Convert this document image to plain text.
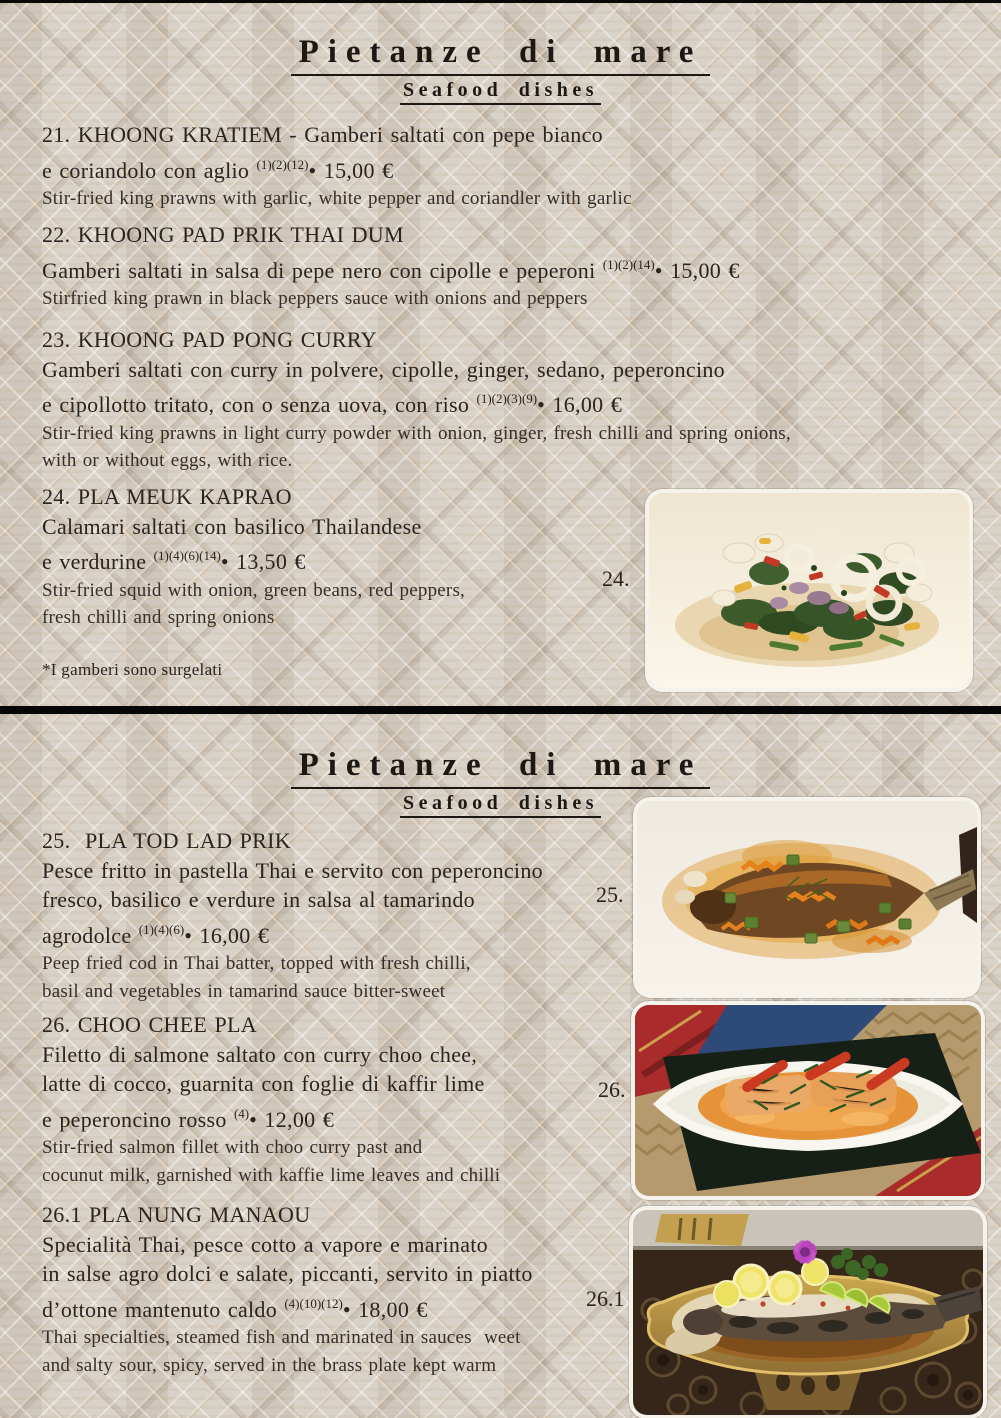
Pietanze di mare
Seafood dishes
21. KHOONG KRATIEM - Gamberi saltati con pepe bianco
e coriandolo con aglio $^{(1)(2)(12)}$• 15,00 €
Stir-fried king prawns with garlic, white pepper and coriandler with garlic
22. KHOONG PAD PRIK THAI DUM
Gamberi saltati in salsa di pepe nero con cipolle e peperoni $^{(1)(2)(14)}$• 15,00 €
Stirfried king prawn in black peppers sauce with onions and peppers
23. KHOONG PAD PONG CURRY
Gamberi saltati con curry in polvere, cipolle, ginger, sedano, peperoncino
e cipollotto tritato, con o senza uova, con riso $^{(1)(2)(3)(9)}$• 16,00 €
Stir-fried king prawns in light curry powder with onion, ginger, fresh chilli and spring onions,
with or without eggs, with rice.
24. PLA MEUK KAPRAO
Calamari saltati con basilico Thailandese
e verdurine $^{(1)(4)(6)(14)}$• 13,50 €
Stir-fried squid with onion, green beans, red peppers,
fresh chilli and spring onions
24.
*I gamberi sono surgelati
Pietanze di mare
Seafood dishes
25.  PLA TOD LAD PRIK
Pesce fritto in pastella Thai e servito con peperoncino
fresco, basilico e verdure in salsa al tamarindo
agrodolce $^{(1)(4)(6)}$• 16,00 €
Peep fried cod in Thai batter, topped with fresh chilli,
basil and vegetables in tamarind sauce bitter-sweet
25.
26. CHOO CHEE PLA
Filetto di salmone saltato con curry choo chee,
latte di cocco, guarnita con foglie di kaffir lime
e peperoncino rosso $^{(4)}$• 12,00 €
Stir-fried salmon fillet with choo curry past and
cocunut milk, garnished with kaffie lime leaves and chilli
26.
26.1 PLA NUNG MANAOU
Specialità Thai, pesce cotto a vapore e marinato
in salse agro dolci e salate, piccanti, servito in piatto
d’ottone mantenuto caldo $^{(4)(10)(12)}$• 18,00 €
Thai specialties, steamed fish and marinated in sauces  weet
and salty sour, spicy, served in the brass plate kept warm
26.1
